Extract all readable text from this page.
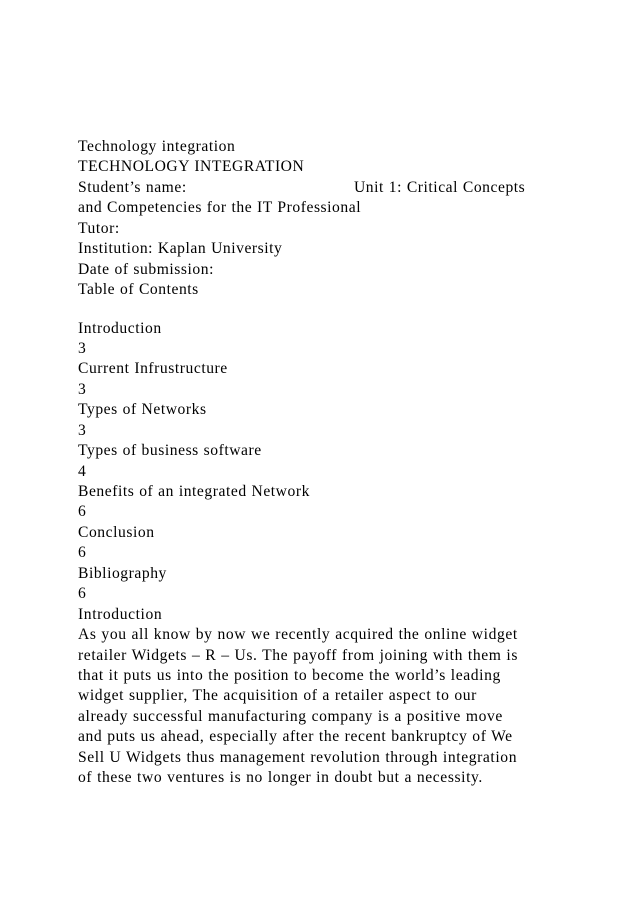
Technology integration
TECHNOLOGY INTEGRATION
Student’s name:	Unit 1: Critical Concepts
and Competencies for the IT Professional
Tutor:
Institution: Kaplan University
Date of submission:
Table of Contents
Introduction
3
Current Infrustructure
3
Types of Networks
3
Types of business software
4
Benefits of an integrated Network
6
Conclusion
6
Bibliography
6
Introduction
As you all know by now we recently acquired the online widget
retailer Widgets – R – Us. The payoff from joining with them is
that it puts us into the position to become the world’s leading
widget supplier, The acquisition of a retailer aspect to our
already successful manufacturing company is a positive move
and puts us ahead, especially after the recent bankruptcy of We
Sell U Widgets thus management revolution through integration
of these two ventures is no longer in doubt but a necessity.
